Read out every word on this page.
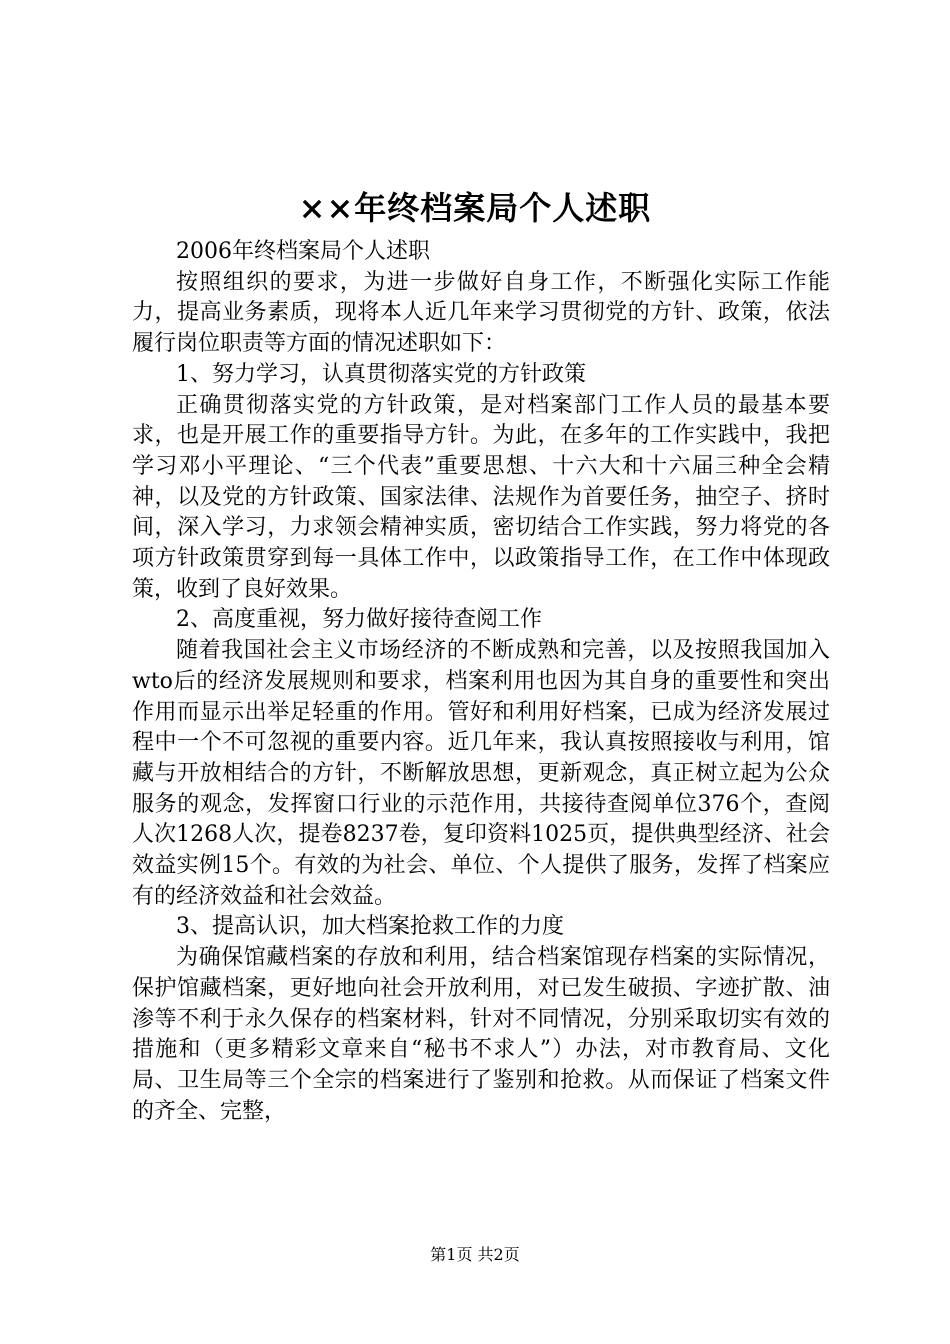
××年终档案局个人述职

2006年终档案局个人述职

按照组织的要求，为进一步做好自身工作，不断强化实际工作能力，提高业务素质，现将本人近几年来学习贯彻党的方针、政策，依法履行岗位职责等方面的情况述职如下：

1、努力学习，认真贯彻落实党的方针政策

正确贯彻落实党的方针政策，是对档案部门工作人员的最基本要求，也是开展工作的重要指导方针。为此，在多年的工作实践中，我把学习邓小平理论、“三个代表”重要思想、十六大和十六届三种全会精神，以及党的方针政策、国家法律、法规作为首要任务，抽空子、挤时间，深入学习，力求领会精神实质，密切结合工作实践，努力将党的各项方针政策贯穿到每一具体工作中，以政策指导工作，在工作中体现政策，收到了良好效果。

2、高度重视，努力做好接待查阅工作

随着我国社会主义市场经济的不断成熟和完善，以及按照我国加入wto后的经济发展规则和要求，档案利用也因为其自身的重要性和突出作用而显示出举足轻重的作用。管好和利用好档案，已成为经济发展过程中一个不可忽视的重要内容。近几年来，我认真按照接收与利用，馆藏与开放相结合的方针，不断解放思想，更新观念，真正树立起为公众服务的观念，发挥窗口行业的示范作用，共接待查阅单位376个，查阅人次1268人次，提卷8237卷，复印资料1025页，提供典型经济、社会效益实例15个。有效的为社会、单位、个人提供了服务，发挥了档案应有的经济效益和社会效益。

3、提高认识，加大档案抢救工作的力度

为确保馆藏档案的存放和利用，结合档案馆现存档案的实际情况，保护馆藏档案，更好地向社会开放利用，对已发生破损、字迹扩散、油渗等不利于永久保存的档案材料，针对不同情况，分别采取切实有效的措施和（更多精彩文章来自“秘书不求人”）办法，对市教育局、文化局、卫生局等三个全宗的档案进行了鉴别和抢救。从而保证了档案文件的齐全、完整，

第1页 共2页
